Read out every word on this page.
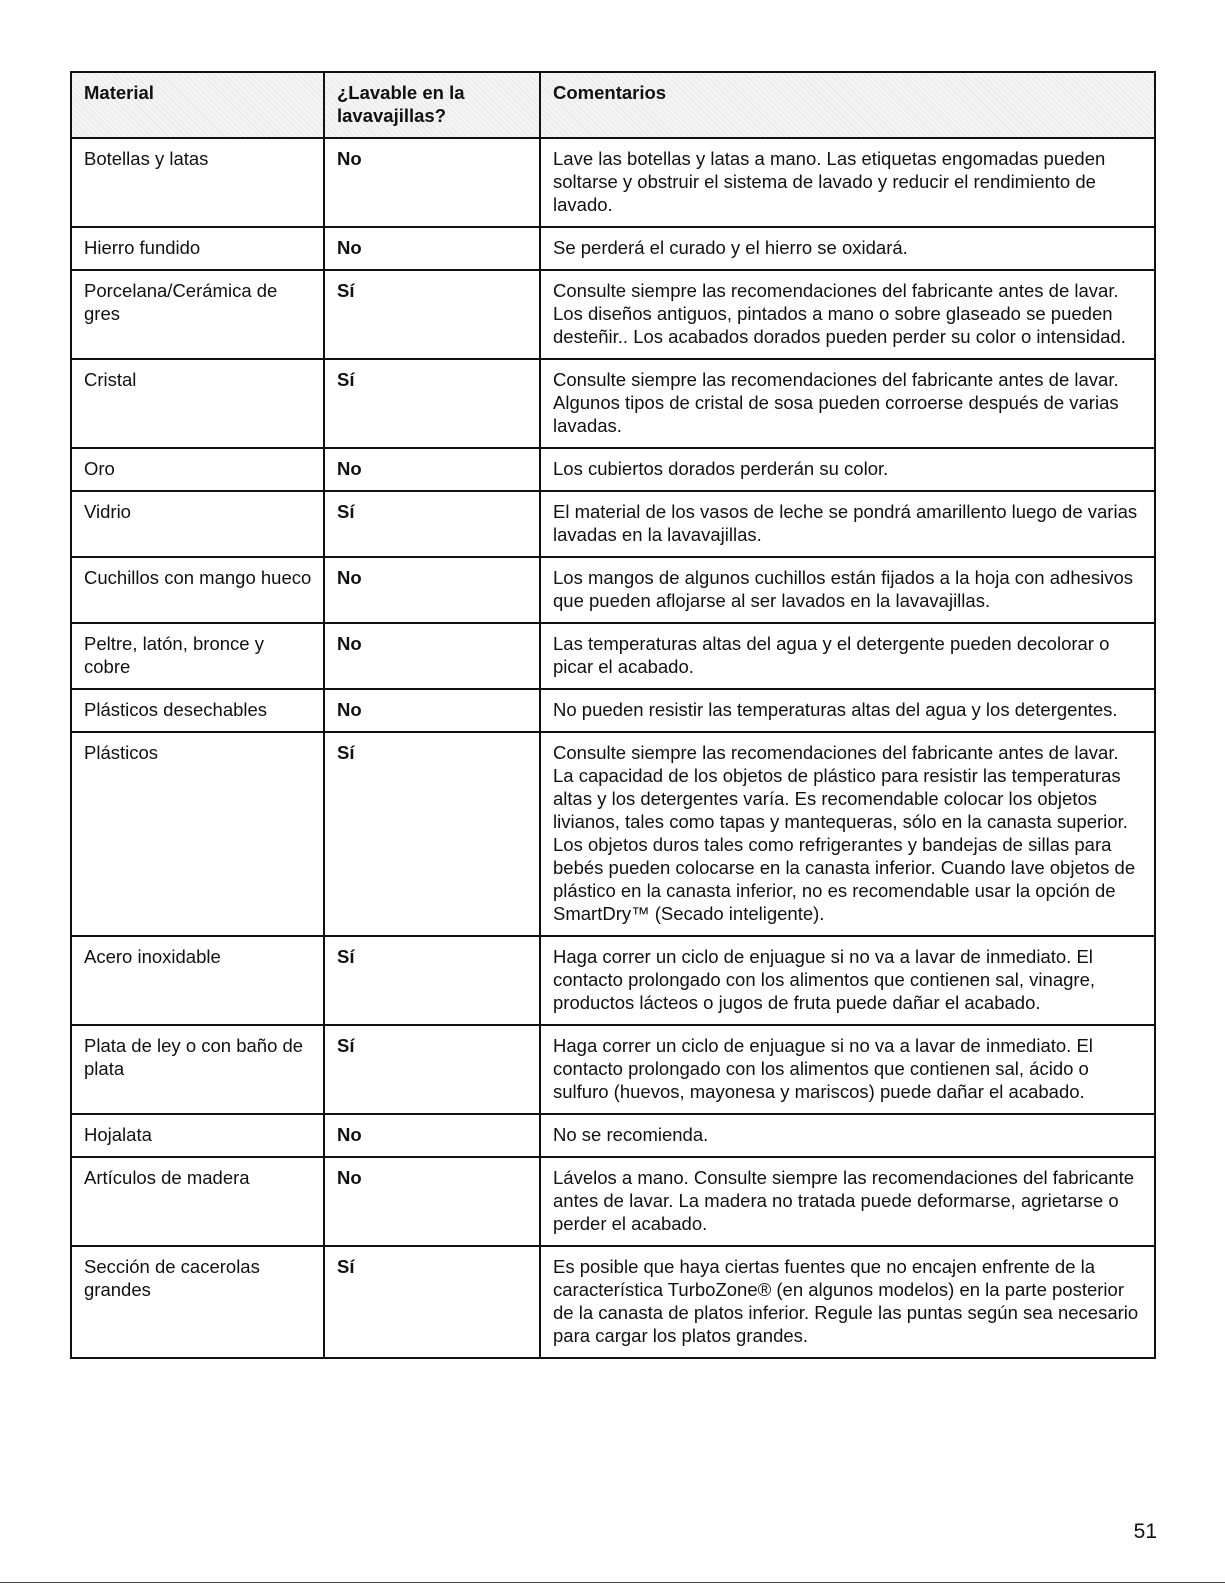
Material	¿Lavable en la lavavajillas?	Comentarios
Botellas y latas	No	Lave las botellas y latas a mano. Las etiquetas engomadas pueden soltarse y obstruir el sistema de lavado y reducir el rendimiento de lavado.
Hierro fundido	No	Se perderá el curado y el hierro se oxidará.
Porcelana/Cerámica de gres	Sí	Consulte siempre las recomendaciones del fabricante antes de lavar. Los diseños antiguos, pintados a mano o sobre glaseado se pueden desteñir.. Los acabados dorados pueden perder su color o intensidad.
Cristal	Sí	Consulte siempre las recomendaciones del fabricante antes de lavar. Algunos tipos de cristal de sosa pueden corroerse después de varias lavadas.
Oro	No	Los cubiertos dorados perderán su color.
Vidrio	Sí	El material de los vasos de leche se pondrá amarillento luego de varias lavadas en la lavavajillas.
Cuchillos con mango hueco	No	Los mangos de algunos cuchillos están fijados a la hoja con adhesivos que pueden aflojarse al ser lavados en la lavavajillas.
Peltre, latón, bronce y cobre	No	Las temperaturas altas del agua y el detergente pueden decolorar o picar el acabado.
Plásticos desechables	No	No pueden resistir las temperaturas altas del agua y los detergentes.
Plásticos	Sí	Consulte siempre las recomendaciones del fabricante antes de lavar. La capacidad de los objetos de plástico para resistir las temperaturas altas y los detergentes varía. Es recomendable colocar los objetos livianos, tales como tapas y mantequeras, sólo en la canasta superior. Los objetos duros tales como refrigerantes y bandejas de sillas para bebés pueden colocarse en la canasta inferior. Cuando lave objetos de plástico en la canasta inferior, no es recomendable usar la opción de SmartDry™ (Secado inteligente).
Acero inoxidable	Sí	Haga correr un ciclo de enjuague si no va a lavar de inmediato. El contacto prolongado con los alimentos que contienen sal, vinagre, productos lácteos o jugos de fruta puede dañar el acabado.
Plata de ley o con baño de plata	Sí	Haga correr un ciclo de enjuague si no va a lavar de inmediato. El contacto prolongado con los alimentos que contienen sal, ácido o sulfuro (huevos, mayonesa y mariscos) puede dañar el acabado.
Hojalata	No	No se recomienda.
Artículos de madera	No	Lávelos a mano. Consulte siempre las recomendaciones del fabricante antes de lavar. La madera no tratada puede deformarse, agrietarse o perder el acabado.
Sección de cacerolas grandes	Sí	Es posible que haya ciertas fuentes que no encajen enfrente de la característica TurboZone® (en algunos modelos) en la parte posterior de la canasta de platos inferior. Regule las puntas según sea necesario para cargar los platos grandes.
51
